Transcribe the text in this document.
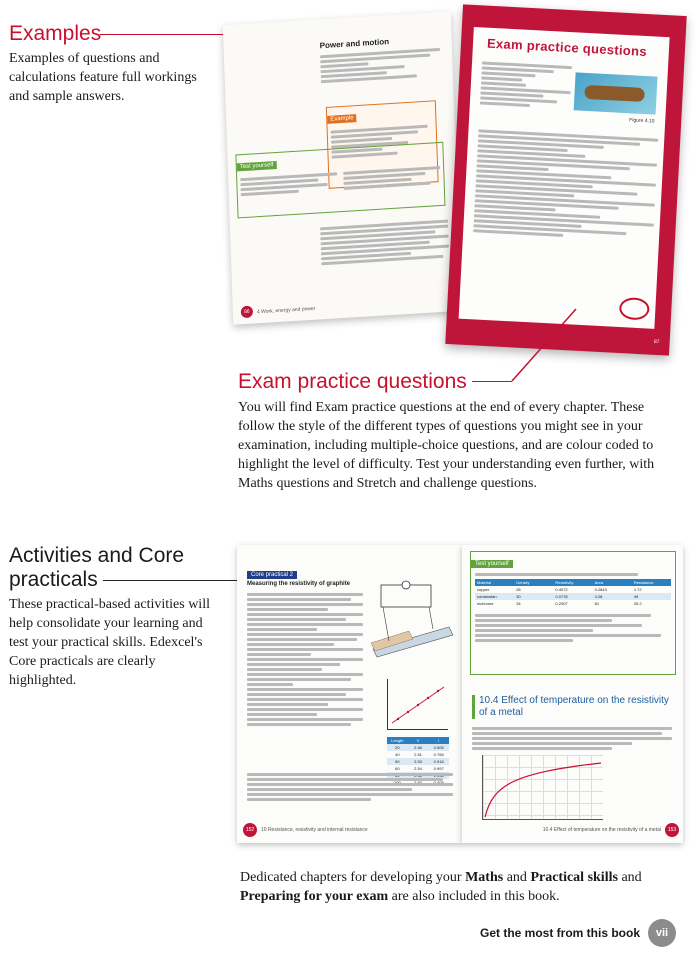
Examples

Examples of questions and calculations feature full workings and sample answers.

Power and motion
Example
Test yourself
86	4 Work, energy and power
Exam practice questions
Figure 4.10
87
Exam practice questions

You will find Exam practice questions at the end of every chapter. These follow the style of the different types of questions you might see in your examination, including multiple-choice questions, and are colour coded to highlight the level of difficulty. Test your understanding even further, with Maths questions and Stretch and challenge questions.

Activities and Core practicals

These practical-based activities will help consolidate your learning and test your practical skills. Edexcel's Core practicals are clearly highlighted.

Core practical 2
Measuring the resistivity of graphite
Length	V	I
20	2.46	0.505
40	2.51	0.766
50	2.53	0.916
60	2.54	0.997
152	10 Resistance, resistivity and internal resistance
Test yourself
Material	Density	Resistivity	Area	Resistance
copper	26	0.4072	0.2843	1.72
constantan	30	0.0778	4.28	49
nichrome	34	0.2007	81	25.2
10.4 Effect of temperature on the resistivity of a metal
153
10.4 Effect of temperature on the resistivity of a metal

Dedicated chapters for developing your Maths and Practical skills and Preparing for your exam are also included in this book.

Get the most from this book	vii
